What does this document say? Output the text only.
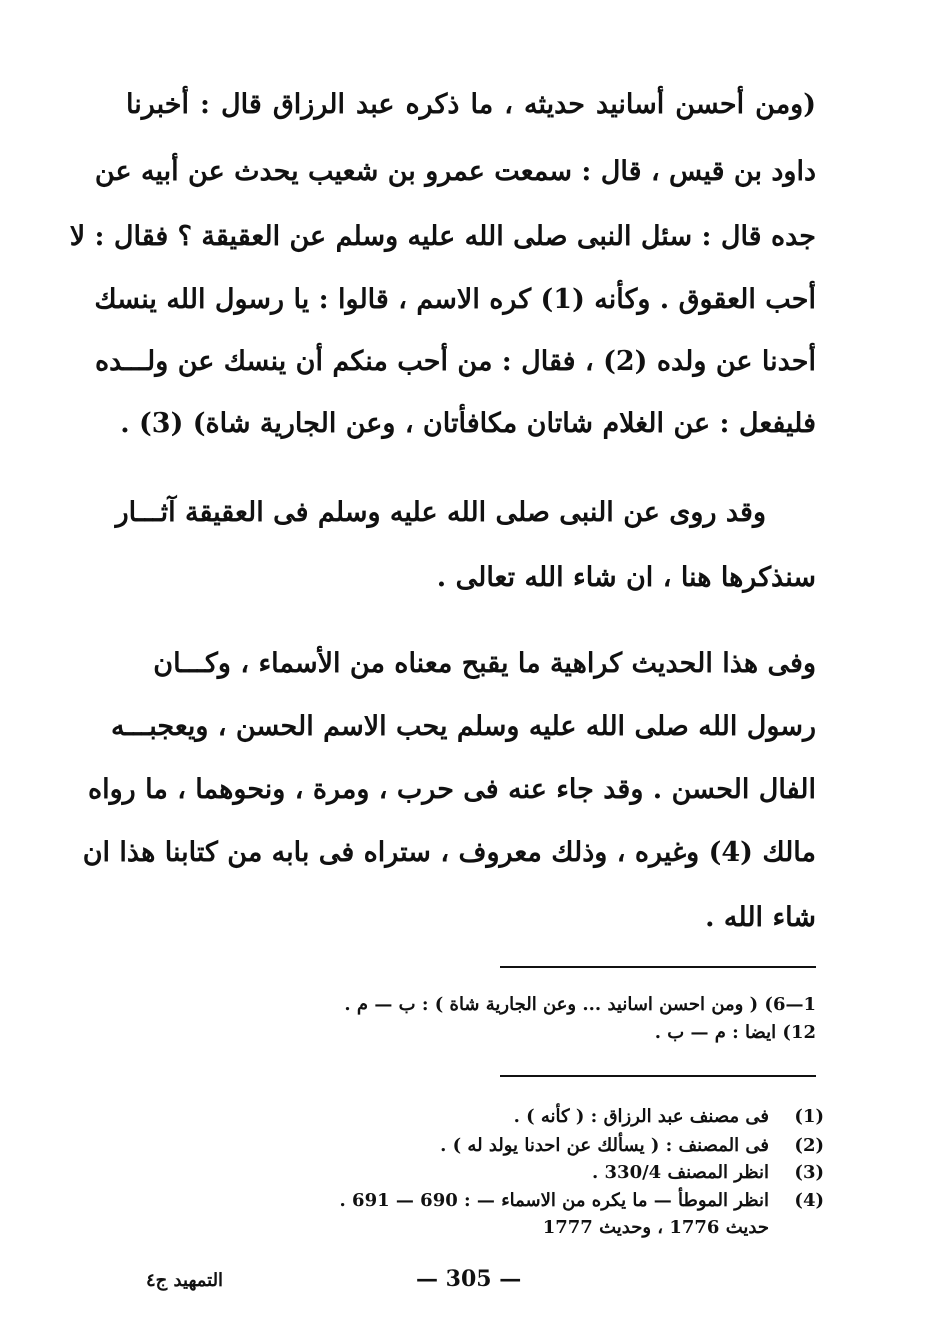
(ومن أحسن أسانيد حديثه ، ما ذكره عبد الرزاق قال : أخبرنا
داود بن قيس ، قال : سمعت عمرو بن شعيب يحدث عن أبيه عن
جده قال : سئل النبى صلى الله عليه وسلم عن العقيقة ؟ فقال : لا
أحب العقوق . وكأنه (1) كره الاسم ، قالوا : يا رسول الله ينسك
أحدنا عن ولده (2) ، فقال : من أحب منكم أن ينسك عن ولـــده
فليفعل : عن الغلام شاتان مكافأتان ، وعن الجارية شاة) (3) .
وقد روى عن النبى صلى الله عليه وسلم فى العقيقة آثـــار
سنذكرها هنا ، ان شاء الله تعالى .
وفى هذا الحديث كراهية ما يقبح معناه من الأسماء ، وكـــان
رسول الله صلى الله عليه وسلم يحب الاسم الحسن ، ويعجبـــه
الفال الحسن . وقد جاء عنه فى حرب ، ومرة ، ونحوهما ، ما رواه
مالك (4) وغيره ، وذلك معروف ، ستراه فى بابه من كتابنا هذا ان
شاء الله .
1—6) ( ومن احسن اسانيد ... وعن الجارية شاة ) : ب — م .
12) ايضا : م — ب .
(1)
فى مصنف عبد الرزاق : ( كأنه ) .
(2)
فى المصنف : ( يسألك عن احدنا يولد له ) .
(3)
انظر المصنف 330/4 .
(4)
انظر الموطأ — ما يكره من الاسماء — : 690 — 691 .
حديث 1776 ، وحديث 1777
— 305 —
التمهيد ج٤
